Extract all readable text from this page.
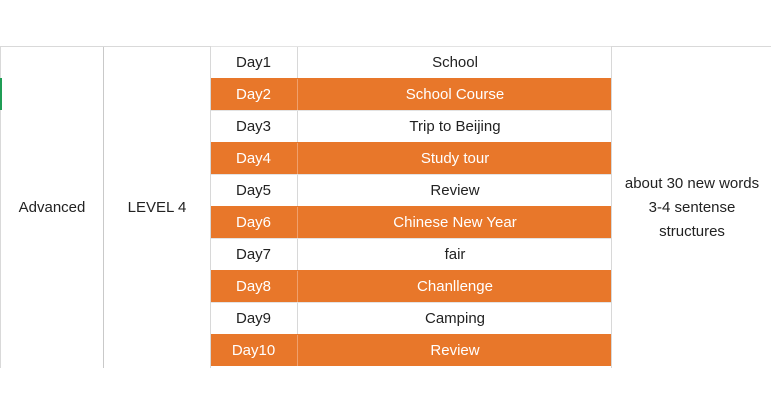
Advanced	LEVEL 4
Day1	School
Day2	School Course
Day3	Trip to Beijing
Day4	Study tour
Day5	Review
Day6	Chinese New Year
Day7	fair
Day8	Chanllenge
Day9	Camping
Day10	Review
about 30 new words
3-4 sentense
structures
